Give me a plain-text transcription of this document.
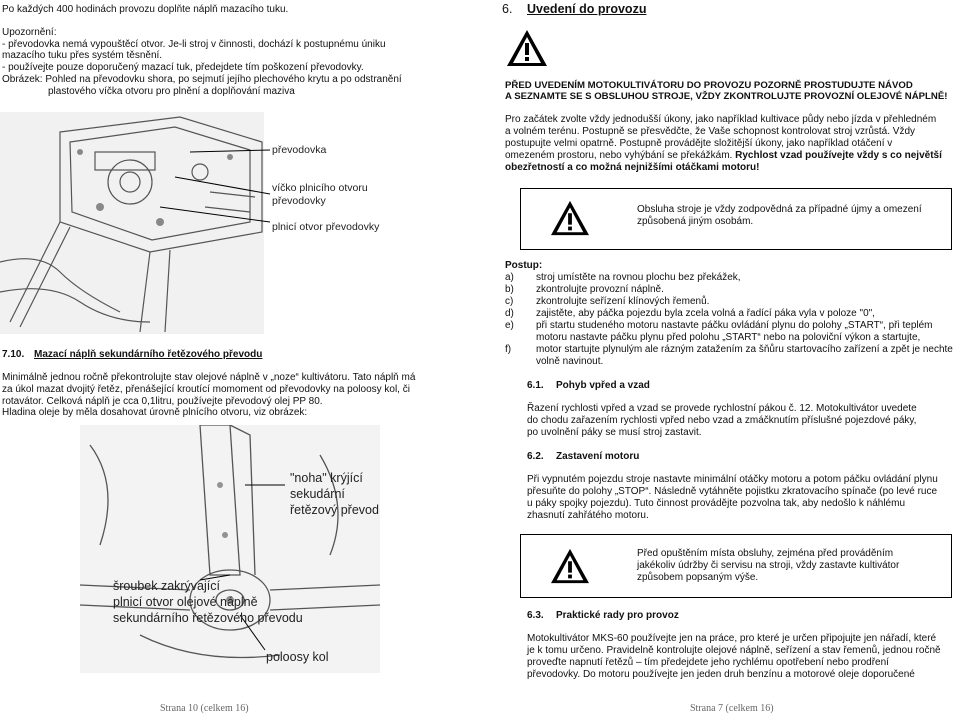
Po každých 400 hodinách provozu doplňte náplň mazacího tuku.
Upozornění:
- převodovka nemá vypouštěcí otvor. Je-li stroj v činnosti, dochází k postupnému úniku
mazacího tuku přes systém těsnění.
- používejte pouze doporučený mazací tuk, předejdete tím poškození převodovky.
Obrázek: Pohled na převodovku shora, po sejmutí jejího plechového krytu a po odstranění
plastového víčka otvoru pro plnění a doplňování maziva
převodovka
víčko plnicího otvoru
převodovky
plnicí otvor převodovky
7.10. Mazací náplň sekundárního řetězového převodu
Minimálně jednou ročně překontrolujte stav olejové náplně v „noze“ kultivátoru. Tato náplň má
za úkol mazat dvojitý řetěz, přenášející kroutící momoment od převodovky na poloosy kol, či
rotavátor. Celková náplň je cca 0,1litru, používejte převodový olej PP 80.
Hladina oleje by měla dosahovat úrovně plnícího otvoru, viz obrázek:
"noha" krýjící
sekudární
řetězový převod
šroubek zakrývající
plnicí otvor olejové náplně
sekundárního řetězového převodu
poloosy kol
Strana 10 (celkem 16)
6. Uvedení do provozu
PŘED UVEDENÍM MOTOKULTIVÁTORU DO PROVOZU POZORNĚ PROSTUDUJTE NÁVOD
A SEZNAMTE SE S OBSLUHOU STROJE, VŽDY ZKONTROLUJTE PROVOZNÍ OLEJOVÉ NÁPLNĚ!
Pro začátek zvolte vždy jednodušší úkony, jako například kultivace půdy nebo jízda v přehledném
a volném terénu. Postupně se přesvědčte, že Vaše schopnost kontrolovat stroj vzrůstá. Vždy
postupujte velmi opatrně. Postupně provádějte složitější úkony, jako například otáčení v
omezeném prostoru, nebo vyhýbání se překážkám. Rychlost vzad používejte vždy s co největší
obezřetností a co možná nejnižšími otáčkami motoru!
Obsluha stroje je vždy zodpovědná za případné újmy a omezení
způsobená jiným osobám.
Postup:
a) stroj umístěte na rovnou plochu bez překážek,
b) zkontrolujte provozní náplně.
c) zkontrolujte seřízení klínových řemenů.
d) zajistěte, aby páčka pojezdu byla zcela volná a řadící páka vyla v poloze "0",
e) při startu studeného motoru nastavte páčku ovládání plynu do polohy „START“, při teplém
motoru nastavte páčku plynu před polohu „START“ nebo na poloviční výkon a startujte,
f) motor startujte plynulým ale rázným zatažením za šňůru startovacího zařízení a zpět je nechte
volně navinout.
6.1. Pohyb vpřed a vzad
Řazení rychlosti vpřed a vzad se provede rychlostní pákou č. 12. Motokultivátor uvedete
do chodu zařazením rychlosti vpřed nebo vzad a zmáčknutím příslušné pojezdové páky,
po uvolnění páky se musí stroj zastavit.
6.2. Zastavení motoru
Při vypnutém pojezdu stroje nastavte minimální otáčky motoru a potom páčku ovládání plynu
přesuňte do polohy „STOP“. Následně vytáhněte pojistku zkratovacího spínače (po levé ruce
u páky spojky pojezdu). Tuto činnost provádějte pozvolna tak, aby nedošlo k náhlému
zhasnutí zahřátého motoru.
Před opuštěním místa obsluhy, zejména před prováděním
jakékoliv údržby či servisu na stroji, vždy zastavte kultivátor
způsobem popsaným výše.
6.3. Praktické rady pro provoz
Motokultivátor MKS-60 používejte jen na práce, pro které je určen připojujte jen nářadí, které
je k tomu určeno. Pravidelně kontrolujte olejové náplně, seřízení a stav řemenů, jednou ročně
proveďte napnutí řetězů – tím předejdete jeho rychlému opotřebení nebo prodření
převodovky. Do motoru používejte jen jeden druh benzínu a motorové oleje doporučené
Strana 7 (celkem 16)
